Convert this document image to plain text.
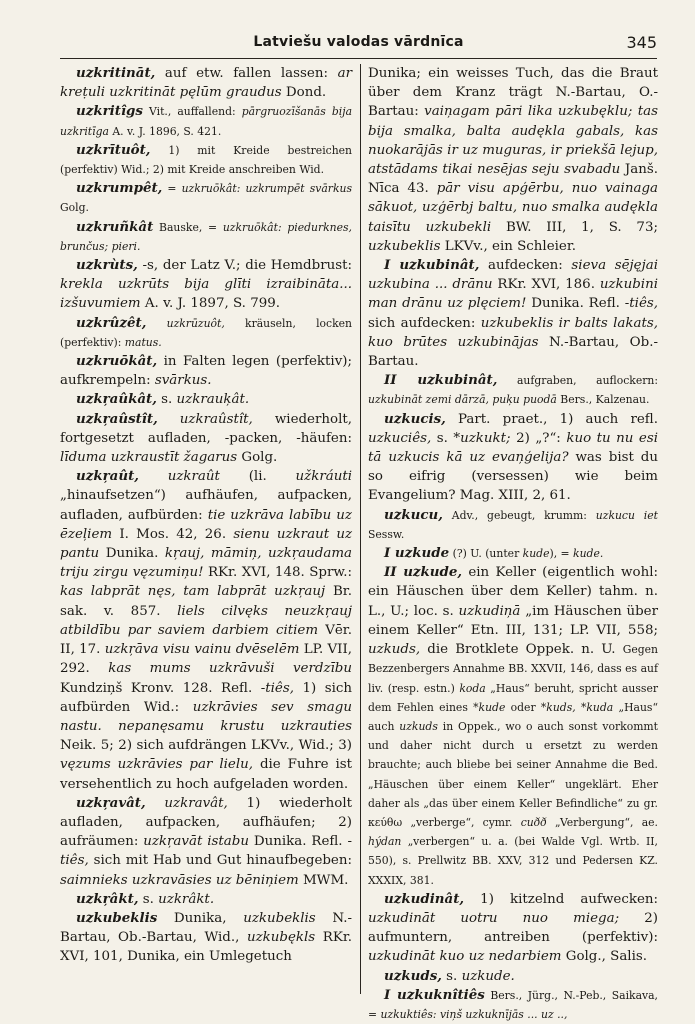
Latviešu valodas vārdnīca	345

uzkritināt, auf etw. fallen lassen: ar kreṭuli uzkritināt pęlūm graudus Dond.

uzkritîgs Vit., auffallend: pārgruozīšanās bija uzkritīga A. v. J. 1896, S. 421.

uzkrītuôt, 1) mit Kreide bestreichen (perfektiv) Wid.; 2) mit Kreide anschreiben Wid.

uzkrumpêt, = uzkruōkât: uzkrumpēt svārkus Golg.

uzkruñkât Bauske, = uzkruōkât: piedurknes, brunčus; pieri.

uzkrùts, -s, der Latz V.; die Hemdbrust: krekla uzkrūts bija glīti izraibināta... izšuvumiem A. v. J. 1897, S. 799.

uzkrûzêt, uzkrūzuôt, kräuseln, locken (perfektiv): matus.

uzkruōkât, in Falten legen (perfektiv); aufkrempeln: svārkus.

uzkŗaûkât, s. uzkrauķât.

uzkŗaûstît, uzkraûstît, wiederholt, fortgesetzt aufladen, -packen, -häufen: līduma uzkraustīt žagarus Golg.

uzkŗaût, uzkraût (li. užkráuti „hinaufsetzen“) aufhäufen, aufpacken, aufladen, aufbürden: tie uzkrāva labību uz ēzeļiem I. Mos. 42, 26. sienu uzkraut uz pantu Dunika. kŗauj, māmiņ, uzkŗaudama triju zirgu vęzumiņu! RKr. XVI, 148. Sprw.: kas labprāt nęs, tam labprāt uzkŗauj Br. sak. v. 857. liels cilvęks neuzkŗauj atbildību par saviem darbiem citiem Vēr. II, 17. uzkŗāva visu vainu dvēselēm LP. VII, 292. kas mums uzkrāvuši verdzību Kundziņš Kronv. 128. Refl. -tiês, 1) sich aufbürden Wid.: uzkrāvies sev smagu nastu. nepanęsamu krustu uzkrauties Neik. 5; 2) sich aufdrängen LKVv., Wid.; 3) vęzums uzkrāvies par lielu, die Fuhre ist versehentlich zu hoch aufgeladen worden.

uzkŗavât, uzkravât, 1) wiederholt aufladen, aufpacken, aufhäufen; 2) aufräumen: uzkŗavāt istabu Dunika. Refl. -tiês, sich mit Hab und Gut hinaufbegeben: saimnieks uzkravāsies uz bēniņiem MWM.

uzkŗâkt, s. uzkrâkt.

uzkubeklis Dunika, uzkubeklis N.-Bartau, Ob.-Bartau, Wid., uzkubękls RKr. XVI, 101, Dunika, ein Umlegetuch

Dunika; ein weisses Tuch, das die Braut über dem Kranz trägt N.-Bartau, O.-Bartau: vaiņagam pāri lika uzkubęklu; tas bija smalka, balta audękla gabals, kas nuokarājās ir uz muguras, ir priekšā lejup, atstādams tikai nesējas seju svabadu Janš. Nīca 43. pār visu apģērbu, nuo vainaga sākuot, uzģērbj baltu, nuo smalka audękla taisītu uzkubekli BW. III, 1, S. 73; uzkubeklis LKVv., ein Schleier.

I uzkubinât, aufdecken: sieva sējęjai uzkubina ... drānu RKr. XVI, 186. uzkubini man drānu uz plęciem! Dunika. Refl. -tiês, sich aufdecken: uzkubeklis ir balts lakats, kuo brūtes uzkubinājas N.-Bartau, Ob.-Bartau.

II uzkubinât, aufgraben, auflockern: uzkubināt zemi dārzā, puķu puodā Bers., Kalzenau.

uzkucis, Part. praet., 1) auch refl. uzkuciês, s. *uzkukt; 2) „?“: kuo tu nu esi tā uzkucis kā uz evaņģelija? was bist du so eifrig (versessen) wie beim Evangelium? Mag. XIII, 2, 61.

uzkucu, Adv., gebeugt, krumm: uzkucu iet Sessw.

I uzkude (?) U. (unter kude), = kude.

II uzkude, ein Keller (eigentlich wohl: ein Häuschen über dem Keller) tahm. n. L., U.; loc. s. uzkudiņā „im Häuschen über einem Keller“ Etn. III, 131; LP. VII, 558; uzkuds, die Brotklete Oppek. n. U. Gegen Bezzenbergers Annahme BB. XXVII, 146, dass es auf liv. (resp. estn.) koda „Haus“ beruht, spricht ausser dem Fehlen eines *kude oder *kuds, *kuda „Haus“ auch uzkuds in Oppek., wo o auch sonst vorkommt und daher nicht durch u ersetzt zu werden brauchte; auch bliebe bei seiner Annahme die Bed. „Häuschen über einem Keller“ ungeklärt. Eher daher als „das über einem Keller Befindliche“ zu gr. κεύθω „verberge“, cymr. cuðð „Verbergung“, ae. hýdan „verbergen“ u. a. (bei Walde Vgl. Wrtb. II, 550), s. Prellwitz BB. XXV, 312 und Pedersen KZ. XXXIX, 381.

uzkudinât, 1) kitzelnd aufwecken: uzkudināt uotru nuo miega; 2) aufmuntern, antreiben (perfektiv): uzkudināt kuo uz nedarbiem Golg., Salis.

uzkuds, s. uzkude.

I uzkuknîtiês Bers., Jürg., N.-Peb., Saikava, = uzkuktiês: viņš uzkuknījās ... uz ..,
